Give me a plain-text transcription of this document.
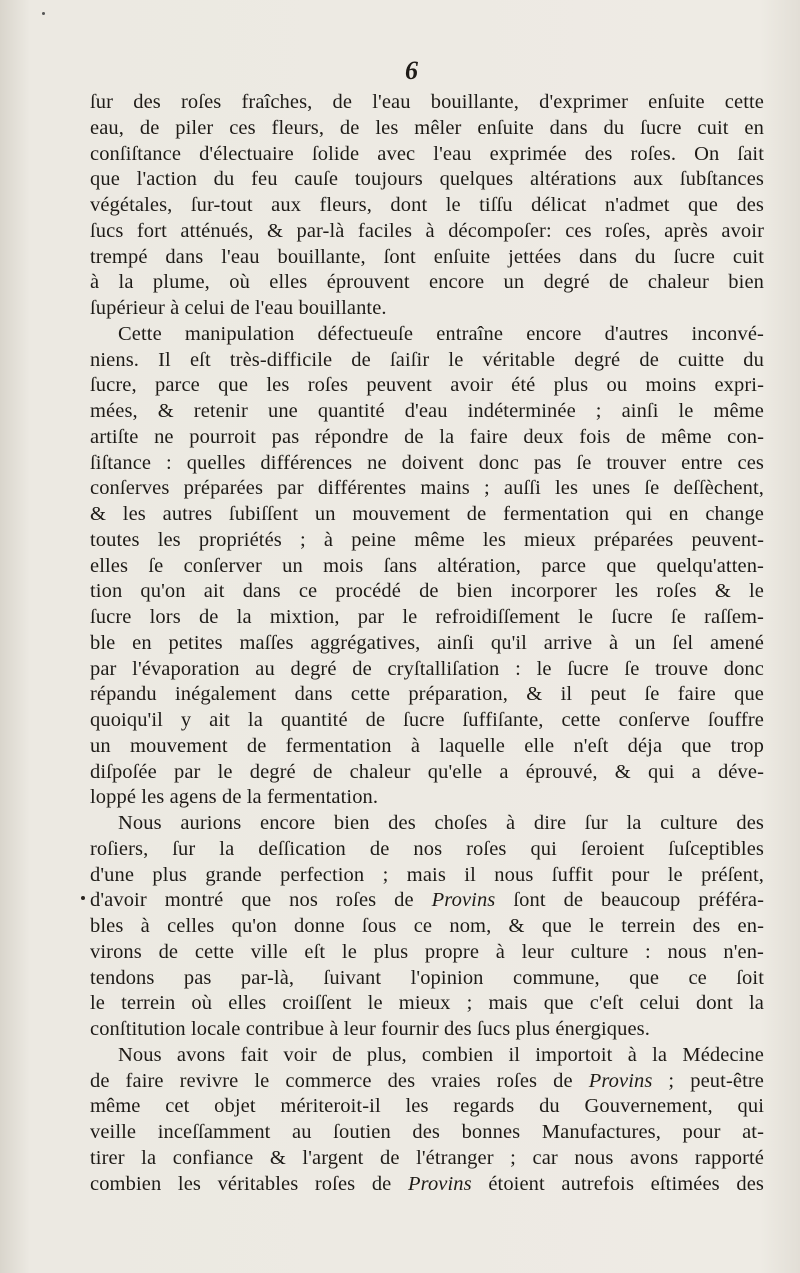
6
ſur des roſes fraîches, de l'eau bouillante, d'exprimer enſuite cette
eau, de piler ces fleurs, de les mêler enſuite dans du ſucre cuit en
conſiſtance d'électuaire ſolide avec l'eau exprimée des roſes. On ſait
que l'action du feu cauſe toujours quelques altérations aux ſubſtances
végétales, ſur-tout aux fleurs, dont le tiſſu délicat n'admet que des
ſucs fort atténués, & par-là faciles à décompoſer: ces roſes, après avoir
trempé dans l'eau bouillante, ſont enſuite jettées dans du ſucre cuit
à la plume, où elles éprouvent encore un degré de chaleur bien
ſupérieur à celui de l'eau bouillante.
Cette manipulation défectueuſe entraîne encore d'autres inconvé-
niens. Il eſt très-difficile de ſaiſir le véritable degré de cuitte du
ſucre, parce que les roſes peuvent avoir été plus ou moins expri-
mées, & retenir une quantité d'eau indéterminée ; ainſi le même
artiſte ne pourroit pas répondre de la faire deux fois de même con-
ſiſtance : quelles différences ne doivent donc pas ſe trouver entre ces
conſerves préparées par différentes mains ; auſſi les unes ſe deſſèchent,
& les autres ſubiſſent un mouvement de fermentation qui en change
toutes les propriétés ; à peine même les mieux préparées peuvent-
elles ſe conſerver un mois ſans altération, parce que quelqu'atten-
tion qu'on ait dans ce procédé de bien incorporer les roſes & le
ſucre lors de la mixtion, par le refroidiſſement le ſucre ſe raſſem-
ble en petites maſſes aggrégatives, ainſi qu'il arrive à un ſel amené
par l'évaporation au degré de cryſtalliſation : le ſucre ſe trouve donc
répandu inégalement dans cette préparation, & il peut ſe faire que
quoiqu'il y ait la quantité de ſucre ſuffiſante, cette conſerve ſouffre
un mouvement de fermentation à laquelle elle n'eſt déja que trop
diſpoſée par le degré de chaleur qu'elle a éprouvé, & qui a déve-
loppé les agens de la fermentation.
Nous aurions encore bien des choſes à dire ſur la culture des
roſiers, ſur la deſſication de nos roſes qui ſeroient ſuſceptibles
d'une plus grande perfection ; mais il nous ſuffit pour le préſent,
d'avoir montré que nos roſes de Provins ſont de beaucoup préféra-
bles à celles qu'on donne ſous ce nom, & que le terrein des en-
virons de cette ville eſt le plus propre à leur culture : nous n'en-
tendons pas par-là, ſuivant l'opinion commune, que ce ſoit
le terrein où elles croiſſent le mieux ; mais que c'eſt celui dont la
conſtitution locale contribue à leur fournir des ſucs plus énergiques.
Nous avons fait voir de plus, combien il importoit à la Médecine
de faire revivre le commerce des vraies roſes de Provins ; peut-être
même cet objet mériteroit-il les regards du Gouvernement, qui
veille inceſſamment au ſoutien des bonnes Manufactures, pour at-
tirer la confiance & l'argent de l'étranger ; car nous avons rapporté
combien les véritables roſes de Provins étoient autrefois eſtimées des
